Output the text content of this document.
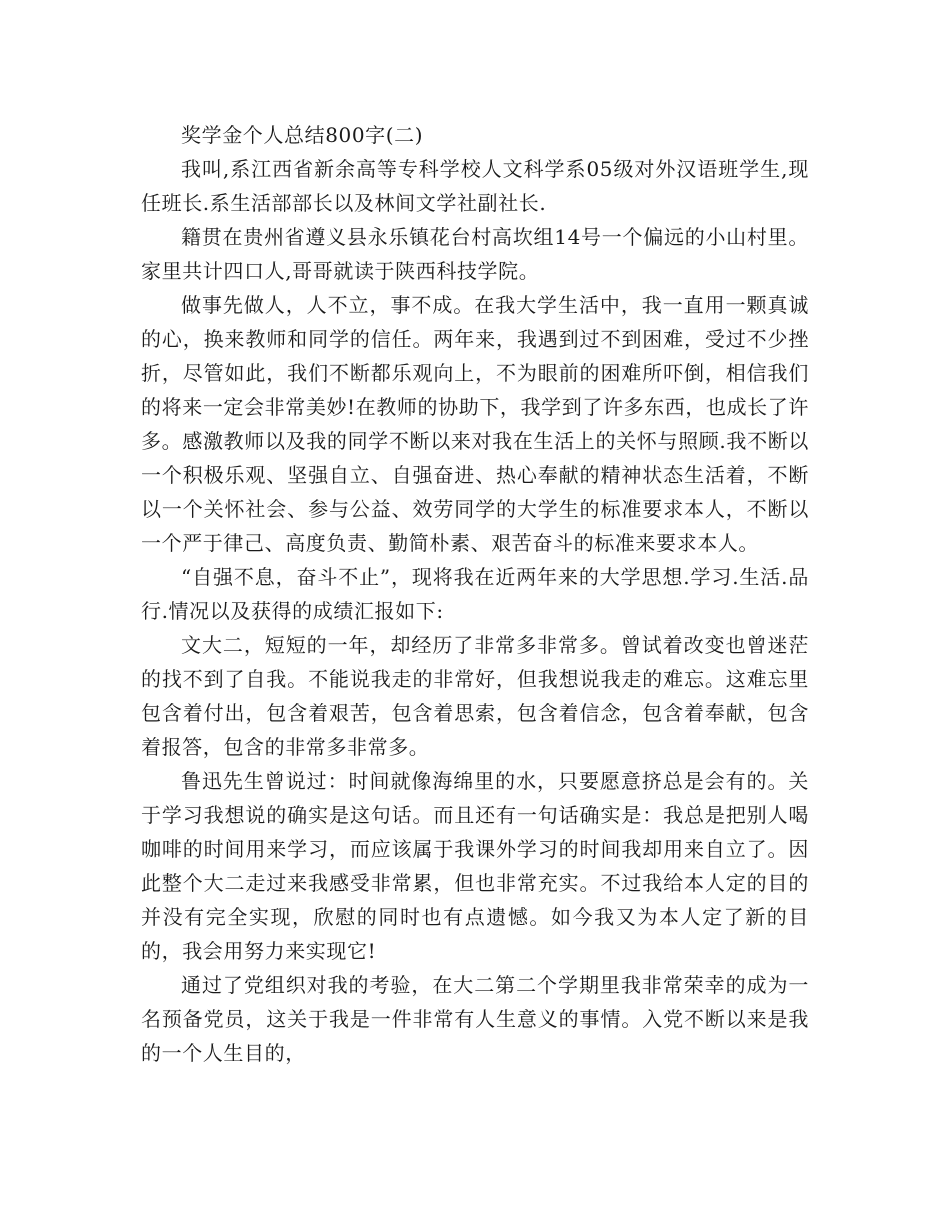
奖学金个人总结800字(二)

我叫,系江西省新余高等专科学校人文科学系05级对外汉语班学生,现任班长.系生活部部长以及林间文学社副社长.

籍贯在贵州省遵义县永乐镇花台村高坎组14号一个偏远的小山村里。家里共计四口人,哥哥就读于陕西科技学院。

做事先做人，人不立，事不成。在我大学生活中，我一直用一颗真诚的心，换来教师和同学的信任。两年来，我遇到过不到困难，受过不少挫折，尽管如此，我们不断都乐观向上，不为眼前的困难所吓倒，相信我们的将来一定会非常美妙!在教师的协助下，我学到了许多东西，也成长了许多。感激教师以及我的同学不断以来对我在生活上的关怀与照顾.我不断以一个积极乐观、坚强自立、自强奋进、热心奉献的精神状态生活着，不断以一个关怀社会、参与公益、效劳同学的大学生的标准要求本人，不断以一个严于律己、高度负责、勤简朴素、艰苦奋斗的标准来要求本人。

“自强不息，奋斗不止”，现将我在近两年来的大学思想.学习.生活.品行.情况以及获得的成绩汇报如下:

文大二，短短的一年，却经历了非常多非常多。曾试着改变也曾迷茫的找不到了自我。不能说我走的非常好，但我想说我走的难忘。这难忘里包含着付出，包含着艰苦，包含着思索，包含着信念，包含着奉献，包含着报答，包含的非常多非常多。

鲁迅先生曾说过：时间就像海绵里的水，只要愿意挤总是会有的。关于学习我想说的确实是这句话。而且还有一句话确实是：我总是把别人喝咖啡的时间用来学习，而应该属于我课外学习的时间我却用来自立了。因此整个大二走过来我感受非常累，但也非常充实。不过我给本人定的目的并没有完全实现，欣慰的同时也有点遗憾。如今我又为本人定了新的目的，我会用努力来实现它!

通过了党组织对我的考验，在大二第二个学期里我非常荣幸的成为一名预备党员，这关于我是一件非常有人生意义的事情。入党不断以来是我的一个人生目的，
